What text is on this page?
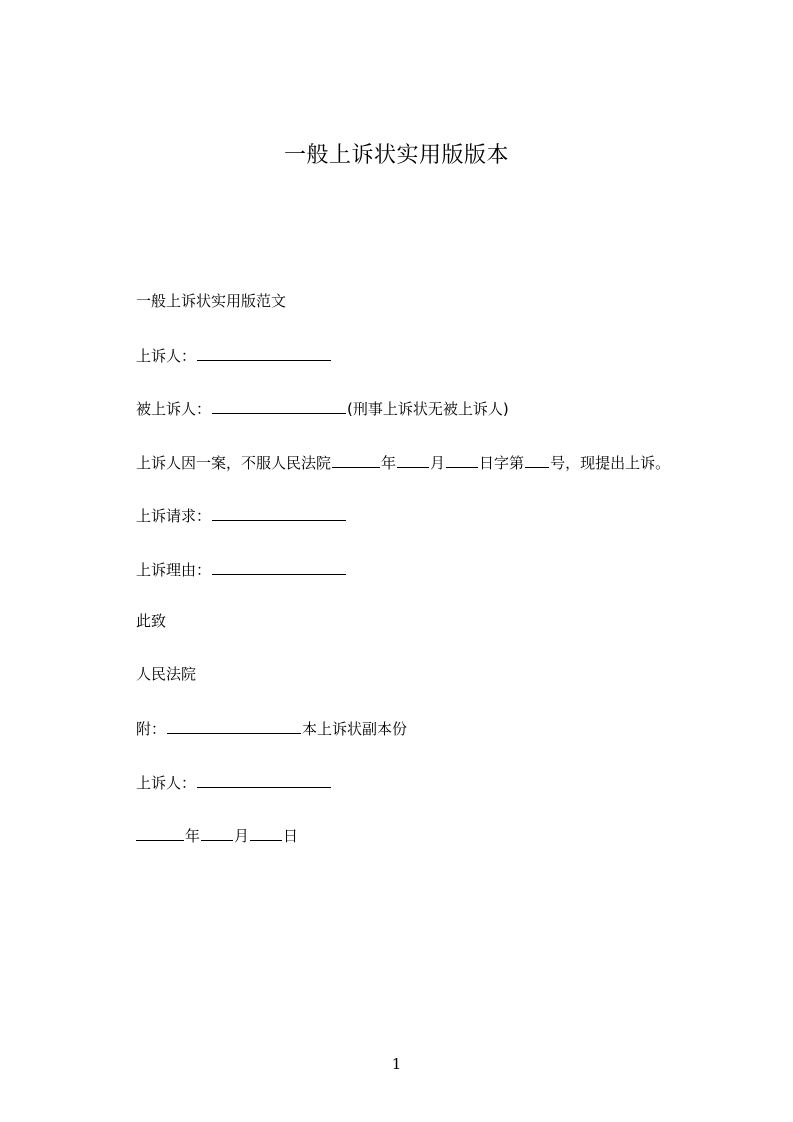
一般上诉状实用版版本
一般上诉状实用版范文
上诉人：
被上诉人：	(刑事上诉状无被上诉人)
上诉人因一案，不服人民法院	年 月 日字第 号，现提出上诉。
上诉请求：
上诉理由：
此致
人民法院
附：	本上诉状副本份
上诉人：
年 月 日
1
